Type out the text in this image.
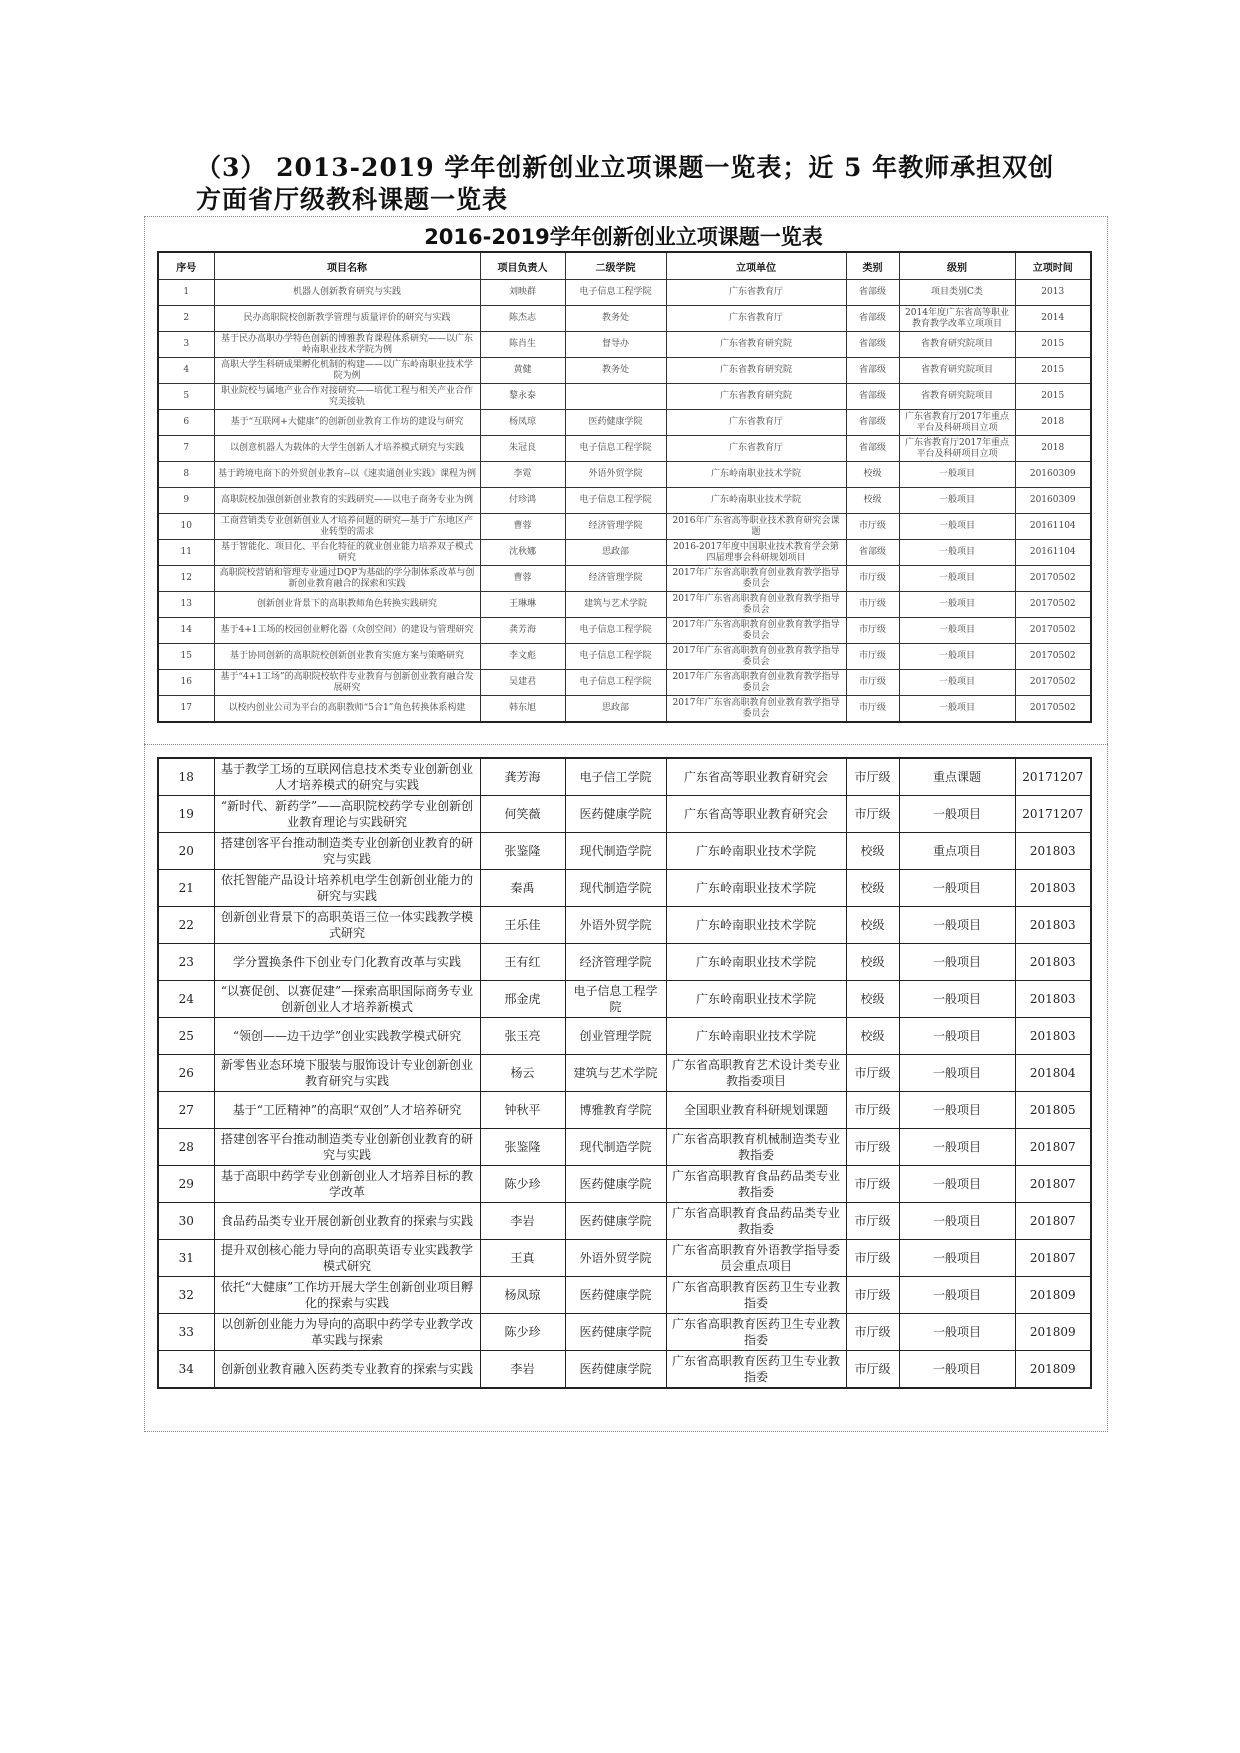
（3） 2013-2019 学年创新创业立项课题一览表；近 5 年教师承担双创方面省厅级教科课题一览表
2016-2019学年创新创业立项课题一览表
序号	项目名称	项目负责人	二级学院	立项单位	类别	级别	立项时间
1	机器人创新教育研究与实践	刘映群	电子信息工程学院	广东省教育厅	省部级	项目类别C类	2013
2	民办高职院校创新教学管理与质量评价的研究与实践	陈杰志	教务处	广东省教育厅	省部级	2014年度广东省高等职业教育教学改革立项项目	2014
3	基于民办高职办学特色创新的博雅教育课程体系研究——以广东岭南职业技术学院为例	陈肖生	督导办	广东省教育研究院	省部级	省教育研究院项目	2015
4	高职大学生科研成果孵化机制的构建——以广东岭南职业技术学院为例	黄健	教务处	广东省教育研究院	省部级	省教育研究院项目	2015
5	职业院校与属地产业合作对接研究——培优工程与相关产业合作究美接轨	黎永泰		广东省教育研究院	省部级	省教育研究院项目	2015
6	基于“互联网+大健康”的创新创业教育工作坊的建设与研究	杨凤琼	医药健康学院	广东省教育厅	省部级	广东省教育厅2017年重点平台及科研项目立项	2018
7	以创意机器人为载体的大学生创新人才培养模式研究与实践	朱冠良	电子信息工程学院	广东省教育厅	省部级	广东省教育厅2017年重点平台及科研项目立项	2018
8	基于跨境电商下的外贸创业教育--以《速卖通创业实践》课程为例	李霓	外语外贸学院	广东岭南职业技术学院	校级	一般项目	20160309
9	高职院校加强创新创业教育的实践研究——以电子商务专业为例	付珍鸿	电子信息工程学院	广东岭南职业技术学院	校级	一般项目	20160309
10	工商营销类专业创新创业人才培养问题的研究—基于广东地区产业转型的需求	曹蓉	经济管理学院	2016年广东省高等职业技术教育研究会课题	市厅级	一般项目	20161104
11	基于智能化、项目化、平台化特征的就业创业能力培养双子模式研究	沈秋娜	思政部	2016-2017年度中国职业技术教育学会第四届理事会科研规划项目	省部级	一般项目	20161104
12	高职院校营销和管理专业通过DQP为基础的学分制体系改革与创新创业教育融合的探索和实践	曹蓉	经济管理学院	2017年广东省高职教育创业教育教学指导委员会	市厅级	一般项目	20170502
13	创新创业背景下的高职教师角色转换实践研究	王琳琳	建筑与艺术学院	2017年广东省高职教育创业教育教学指导委员会	市厅级	一般项目	20170502
14	基于4+1工场的校园创业孵化器（众创空间）的建设与管理研究	龚芳海	电子信息工程学院	2017年广东省高职教育创业教育教学指导委员会	市厅级	一般项目	20170502
15	基于协同创新的高职院校创新创业教育实施方案与策略研究	李文彪	电子信息工程学院	2017年广东省高职教育创业教育教学指导委员会	市厅级	一般项目	20170502
16	基于“4+1工场”的高职院校软件专业教育与创新创业教育融合发展研究	吴建君	电子信息工程学院	2017年广东省高职教育创业教育教学指导委员会	市厅级	一般项目	20170502
17	以校内创业公司为平台的高职教师“5合1”角色转换体系构建	韩东旭	思政部	2017年广东省高职教育创业教育教学指导委员会	市厅级	一般项目	20170502
18	基于教学工场的互联网信息技术类专业创新创业人才培养模式的研究与实践	龚芳海	电子信工学院	广东省高等职业教育研究会	市厅级	重点课题	20171207
19	“新时代、新药学”——高职院校药学专业创新创业教育理论与实践研究	何笑薇	医药健康学院	广东省高等职业教育研究会	市厅级	一般项目	20171207
20	搭建创客平台推动制造类专业创新创业教育的研究与实践	张鉴隆	现代制造学院	广东岭南职业技术学院	校级	重点项目	201803
21	依托智能产品设计培养机电学生创新创业能力的研究与实践	秦禹	现代制造学院	广东岭南职业技术学院	校级	一般项目	201803
22	创新创业背景下的高职英语三位一体实践教学模式研究	王乐佳	外语外贸学院	广东岭南职业技术学院	校级	一般项目	201803
23	学分置换条件下创业专门化教育改革与实践	王有红	经济管理学院	广东岭南职业技术学院	校级	一般项目	201803
24	“以赛促创、以赛促建”—探索高职国际商务专业创新创业人才培养新模式	邢金虎	电子信息工程学院	广东岭南职业技术学院	校级	一般项目	201803
25	“领创——边干边学”创业实践教学模式研究	张玉亮	创业管理学院	广东岭南职业技术学院	校级	一般项目	201803
26	新零售业态环境下服装与服饰设计专业创新创业教育研究与实践	杨云	建筑与艺术学院	广东省高职教育艺术设计类专业教指委项目	市厅级	一般项目	201804
27	基于“工匠精神”的高职“双创”人才培养研究	钟秋平	博雅教育学院	全国职业教育科研规划课题	市厅级	一般项目	201805
28	搭建创客平台推动制造类专业创新创业教育的研究与实践	张鉴隆	现代制造学院	广东省高职教育机械制造类专业教指委	市厅级	一般项目	201807
29	基于高职中药学专业创新创业人才培养目标的教学改革	陈少珍	医药健康学院	广东省高职教育食品药品类专业教指委	市厅级	一般项目	201807
30	食品药品类专业开展创新创业教育的探索与实践	李岩	医药健康学院	广东省高职教育食品药品类专业教指委	市厅级	一般项目	201807
31	提升双创核心能力导向的高职英语专业实践教学模式研究	王真	外语外贸学院	广东省高职教育外语教学指导委员会重点项目	市厅级	一般项目	201807
32	依托“大健康”工作坊开展大学生创新创业项目孵化的探索与实践	杨凤琼	医药健康学院	广东省高职教育医药卫生专业教指委	市厅级	一般项目	201809
33	以创新创业能力为导向的高职中药学专业教学改革实践与探索	陈少珍	医药健康学院	广东省高职教育医药卫生专业教指委	市厅级	一般项目	201809
34	创新创业教育融入医药类专业教育的探索与实践	李岩	医药健康学院	广东省高职教育医药卫生专业教指委	市厅级	一般项目	201809
